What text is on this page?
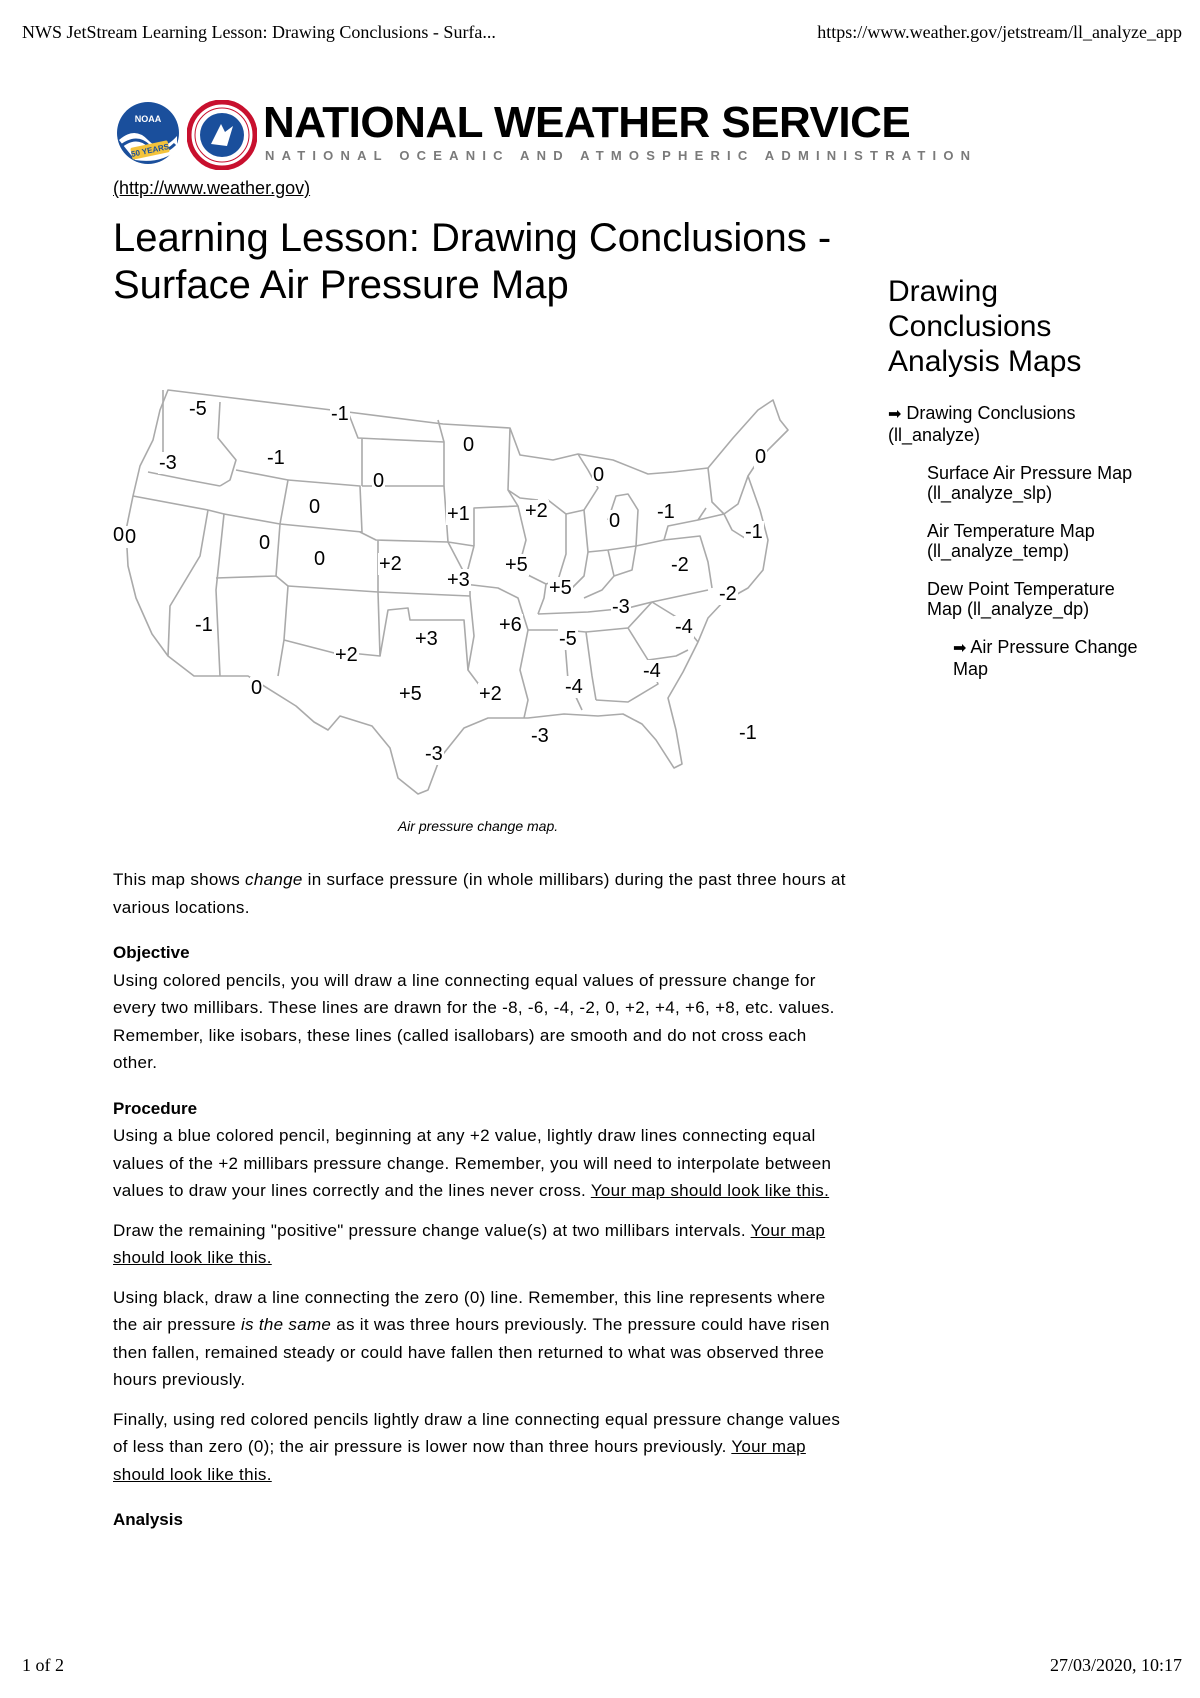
NWS JetStream Learning Lesson: Drawing Conclusions - Surfa...	https://www.weather.gov/jetstream/ll_analyze_app
NOAA
50 YEARS
NATIONAL WEATHER SERVICE
NATIONAL OCEANIC AND ATMOSPHERIC ADMINISTRATION
(http://www.weather.gov)
Learning Lesson: Drawing Conclusions - Surface Air Pressure Map
-5	-1
-3	-1
0
0
0	0
0
+1	+2
0	-1
0	-1
0
+2
+3
+5
+5
-2
-2
0
-3
-1	+6
-5
-4
+3
+2
-4
-4
0	+5	+2
-3
-1
-3
0
Air pressure change map.

This map shows change in surface pressure (in whole millibars) during the past three hours at various locations.

Objective

Using colored pencils, you will draw a line connecting equal values of pressure change for every two millibars. These lines are drawn for the -8, -6, -4, -2, 0, +2, +4, +6, +8, etc. values. Remember, like isobars, these lines (called isallobars) are smooth and do not cross each other.

Procedure

Using a blue colored pencil, beginning at any +2 value, lightly draw lines connecting equal values of the +2 millibars pressure change. Remember, you will need to interpolate between values to draw your lines correctly and the lines never cross. Your map should look like this.

Draw the remaining "positive" pressure change value(s) at two millibars intervals. Your map should look like this.

Using black, draw a line connecting the zero (0) line. Remember, this line represents where the air pressure is the same as it was three hours previously. The pressure could have risen then fallen, remained steady or could have fallen then returned to what was observed three hours previously.

Finally, using red colored pencils lightly draw a line connecting equal pressure change values of less than zero (0); the air pressure is lower now than three hours previously. Your map should look like this.

Analysis
Drawing Conclusions Analysis Maps
➡ Drawing Conclusions (ll_analyze)
Surface Air Pressure Map (ll_analyze_slp)
Air Temperature Map (ll_analyze_temp)
Dew Point Temperature Map (ll_analyze_dp)
➡ Air Pressure Change Map
1 of 2	27/03/2020, 10:17
